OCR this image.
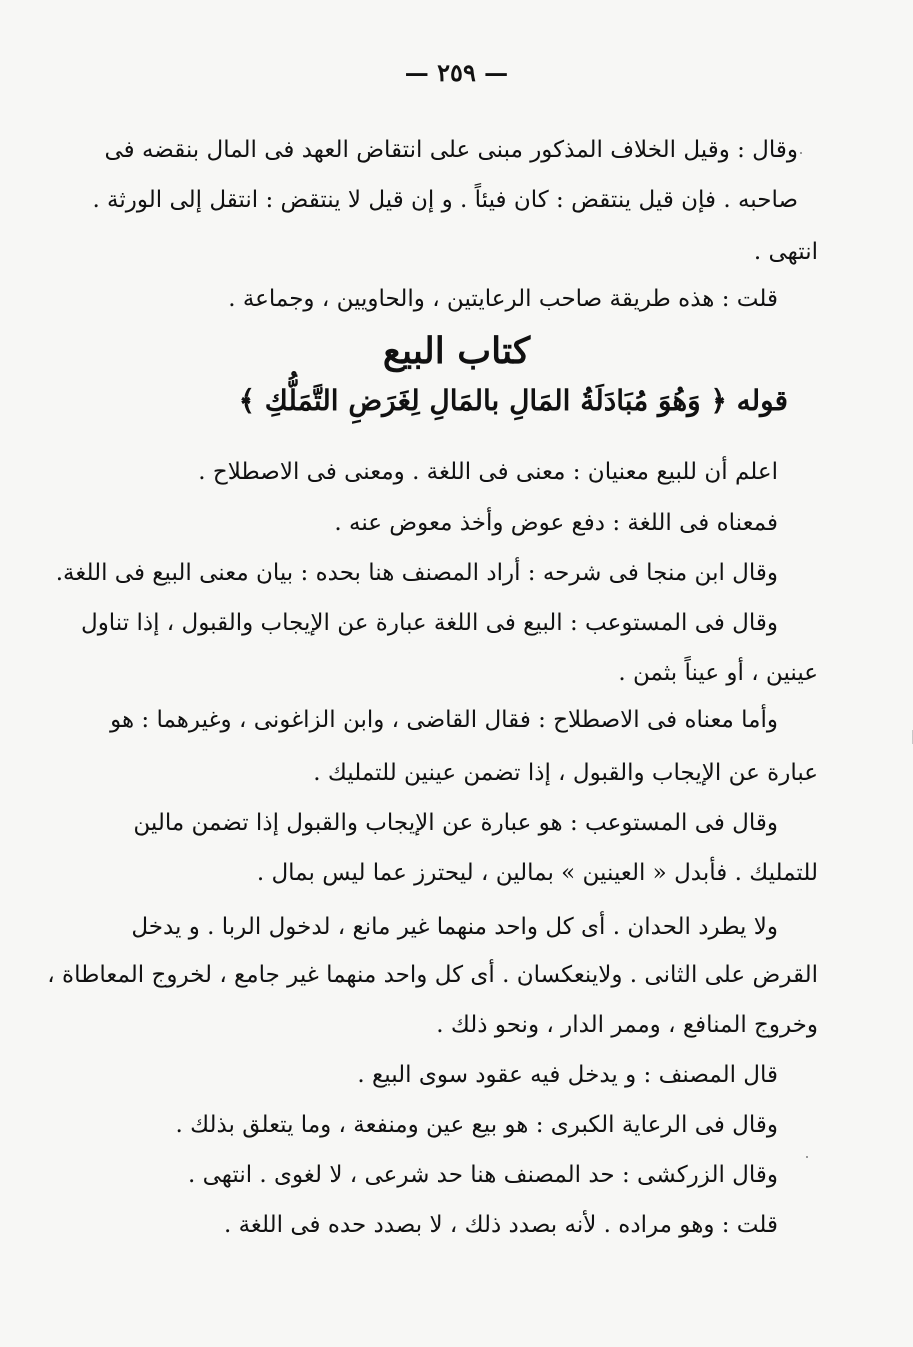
— ٢٥٩ —
وقال : وقيل الخلاف المذكور مبنى على انتقاض العهد فى المال بنقضه فى
صاحبه . فإن قيل ينتقض : كان فيئاً . و إن قيل لا ينتقض : انتقل إلى الورثة .
انتهى .
قلت : هذه طريقة صاحب الرعايتين ، والحاويين ، وجماعة .
كتاب البيع
قوله ﴿ وَهُوَ مُبَادَلَةُ المَالِ بالمَالِ لِغَرَضِ التَّمَلُّكِ ﴾
اعلم أن للبيع معنيان : معنى فى اللغة . ومعنى فى الاصطلاح .
فمعناه فى اللغة : دفع عوض وأخذ معوض عنه .
وقال ابن منجا فى شرحه : أراد المصنف هنا بحده : بيان معنى البيع فى اللغة.
وقال فى المستوعب : البيع فى اللغة عبارة عن الإيجاب والقبول ، إذا تناول
عينين ، أو عيناً بثمن .
وأما معناه فى الاصطلاح : فقال القاضى ، وابن الزاغونى ، وغيرهما : هو
عبارة عن الإيجاب والقبول ، إذا تضمن عينين للتمليك .
وقال فى المستوعب : هو عبارة عن الإيجاب والقبول إذا تضمن مالين
للتمليك . فأبدل « العينين » بمالين ، ليحترز عما ليس بمال .
ولا يطرد الحدان . أى كل واحد منهما غير مانع ، لدخول الربا . و يدخل
القرض على الثانى . ولاينعكسان . أى كل واحد منهما غير جامع ، لخروج المعاطاة ،
وخروج المنافع ، وممر الدار ، ونحو ذلك .
قال المصنف : و يدخل فيه عقود سوى البيع .
وقال فى الرعاية الكبرى : هو بيع عين ومنفعة ، وما يتعلق بذلك .
وقال الزركشى : حد المصنف هنا حد شرعى ، لا لغوى . انتهى .
قلت : وهو مراده . لأنه بصدد ذلك ، لا بصدد حده فى اللغة .
